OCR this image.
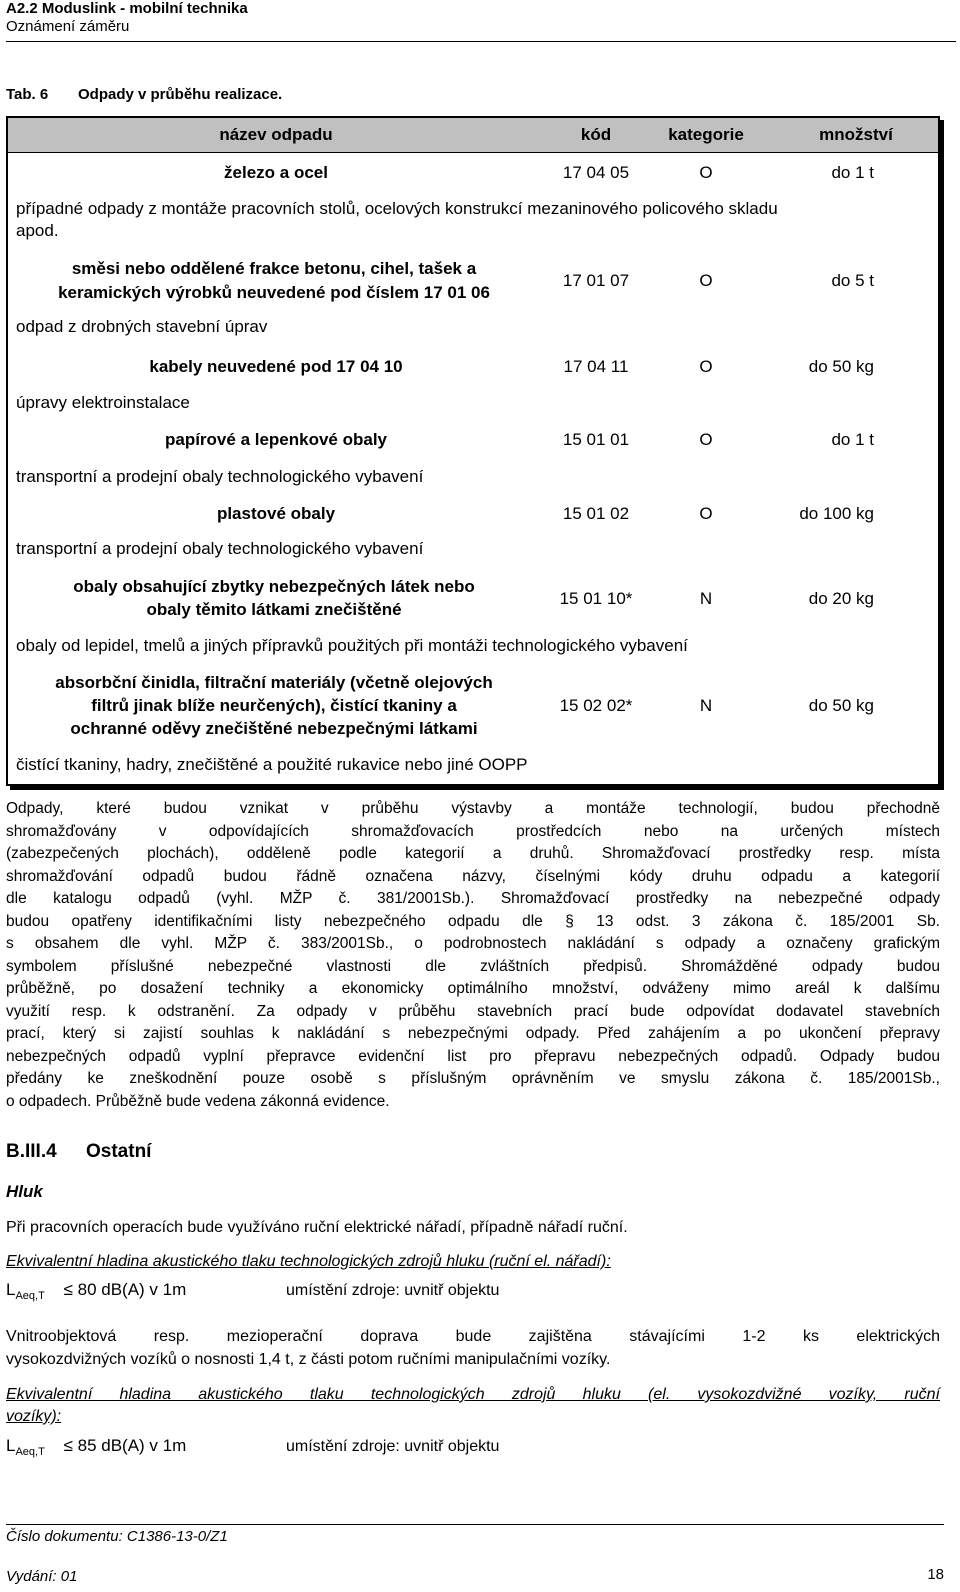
A2.2 Moduslink - mobilní technika
Oznámení záměru
Tab. 6 Odpady v průběhu realizace.
název odpadu	kód	kategorie	množství
železo a ocel	17 04 05	O	do 1 t
případné odpady z montáže pracovních stolů, ocelových konstrukcí mezaninového policového skladu
apod.
směsi nebo oddělené frakce betonu, cihel, tašek a
keramických výrobků neuvedené pod číslem 17 01 06
17 01 07	O	do 5 t
odpad z drobných stavební úprav
kabely neuvedené pod 17 04 10	17 04 11	O	do 50 kg
úpravy elektroinstalace
papírové a lepenkové obaly	15 01 01	O	do 1 t
transportní a prodejní obaly technologického vybavení
plastové obaly	15 01 02	O	do 100 kg
transportní a prodejní obaly technologického vybavení
obaly obsahující zbytky nebezpečných látek nebo
obaly těmito látkami znečištěné
15 01 10*	N	do 20 kg
obaly od lepidel, tmelů a jiných přípravků použitých při montáži technologického vybavení
absorbční činidla, filtrační materiály (včetně olejových
filtrů jinak blíže neurčených), čistící tkaniny a
ochranné oděvy znečištěné nebezpečnými látkami
15 02 02*	N	do 50 kg
čistící tkaniny, hadry, znečištěné a použité rukavice nebo jiné OOPP
Odpady, které budou vznikat v průběhu výstavby a montáže technologií, budou přechodně
shromažďovány v odpovídajících shromažďovacích prostředcích nebo na určených místech
(zabezpečených plochách), odděleně podle kategorií a druhů. Shromažďovací prostředky resp. místa
shromažďování odpadů budou řádně označena názvy, číselnými kódy druhu odpadu a kategorií
dle katalogu odpadů (vyhl. MŽP č. 381/2001Sb.). Shromažďovací prostředky na nebezpečné odpady
budou opatřeny identifikačními listy nebezpečného odpadu dle § 13 odst. 3 zákona č. 185/2001 Sb.
s obsahem dle vyhl. MŽP č. 383/2001Sb., o podrobnostech nakládání s odpady a označeny grafickým
symbolem příslušné nebezpečné vlastnosti dle zvláštních předpisů. Shromážděné odpady budou
průběžně, po dosažení techniky a ekonomicky optimálního množství, odváženy mimo areál k dalšímu
využití resp. k odstranění. Za odpady v průběhu stavebních prací bude odpovídat dodavatel stavebních
prací, který si zajistí souhlas k nakládání s nebezpečnými odpady. Před zahájením a po ukončení přepravy
nebezpečných odpadů vyplní přepravce evidenční list pro přepravu nebezpečných odpadů. Odpady budou
předány ke zneškodnění pouze osobě s příslušným oprávněním ve smyslu zákona č. 185/2001Sb.,
o odpadech. Průběžně bude vedena zákonná evidence.
B.III.4 Ostatní
Hluk
Při pracovních operacích bude využíváno ruční elektrické nářadí, případně nářadí ruční.
Ekvivalentní hladina akustického tlaku technologických zdrojů hluku (ruční el. nářadí):
$L_{Aeq,T} \le 80$ dB(A) v 1m	umístění zdroje: uvnitř objektu
Vnitroobjektová resp. mezioperační doprava bude zajištěna stávajícími 1-2 ks elektrických
vysokozdvižných vozíků o nosnosti 1,4 t, z části potom ručními manipulačními vozíky.
Ekvivalentní hladina akustického tlaku technologických zdrojů hluku (el. vysokozdvižné vozíky, ruční
vozíky):
$L_{Aeq,T} \le 85$ dB(A) v 1m	umístění zdroje: uvnitř objektu
Číslo dokumentu: C1386-13-0/Z1
Vydání: 01	18
